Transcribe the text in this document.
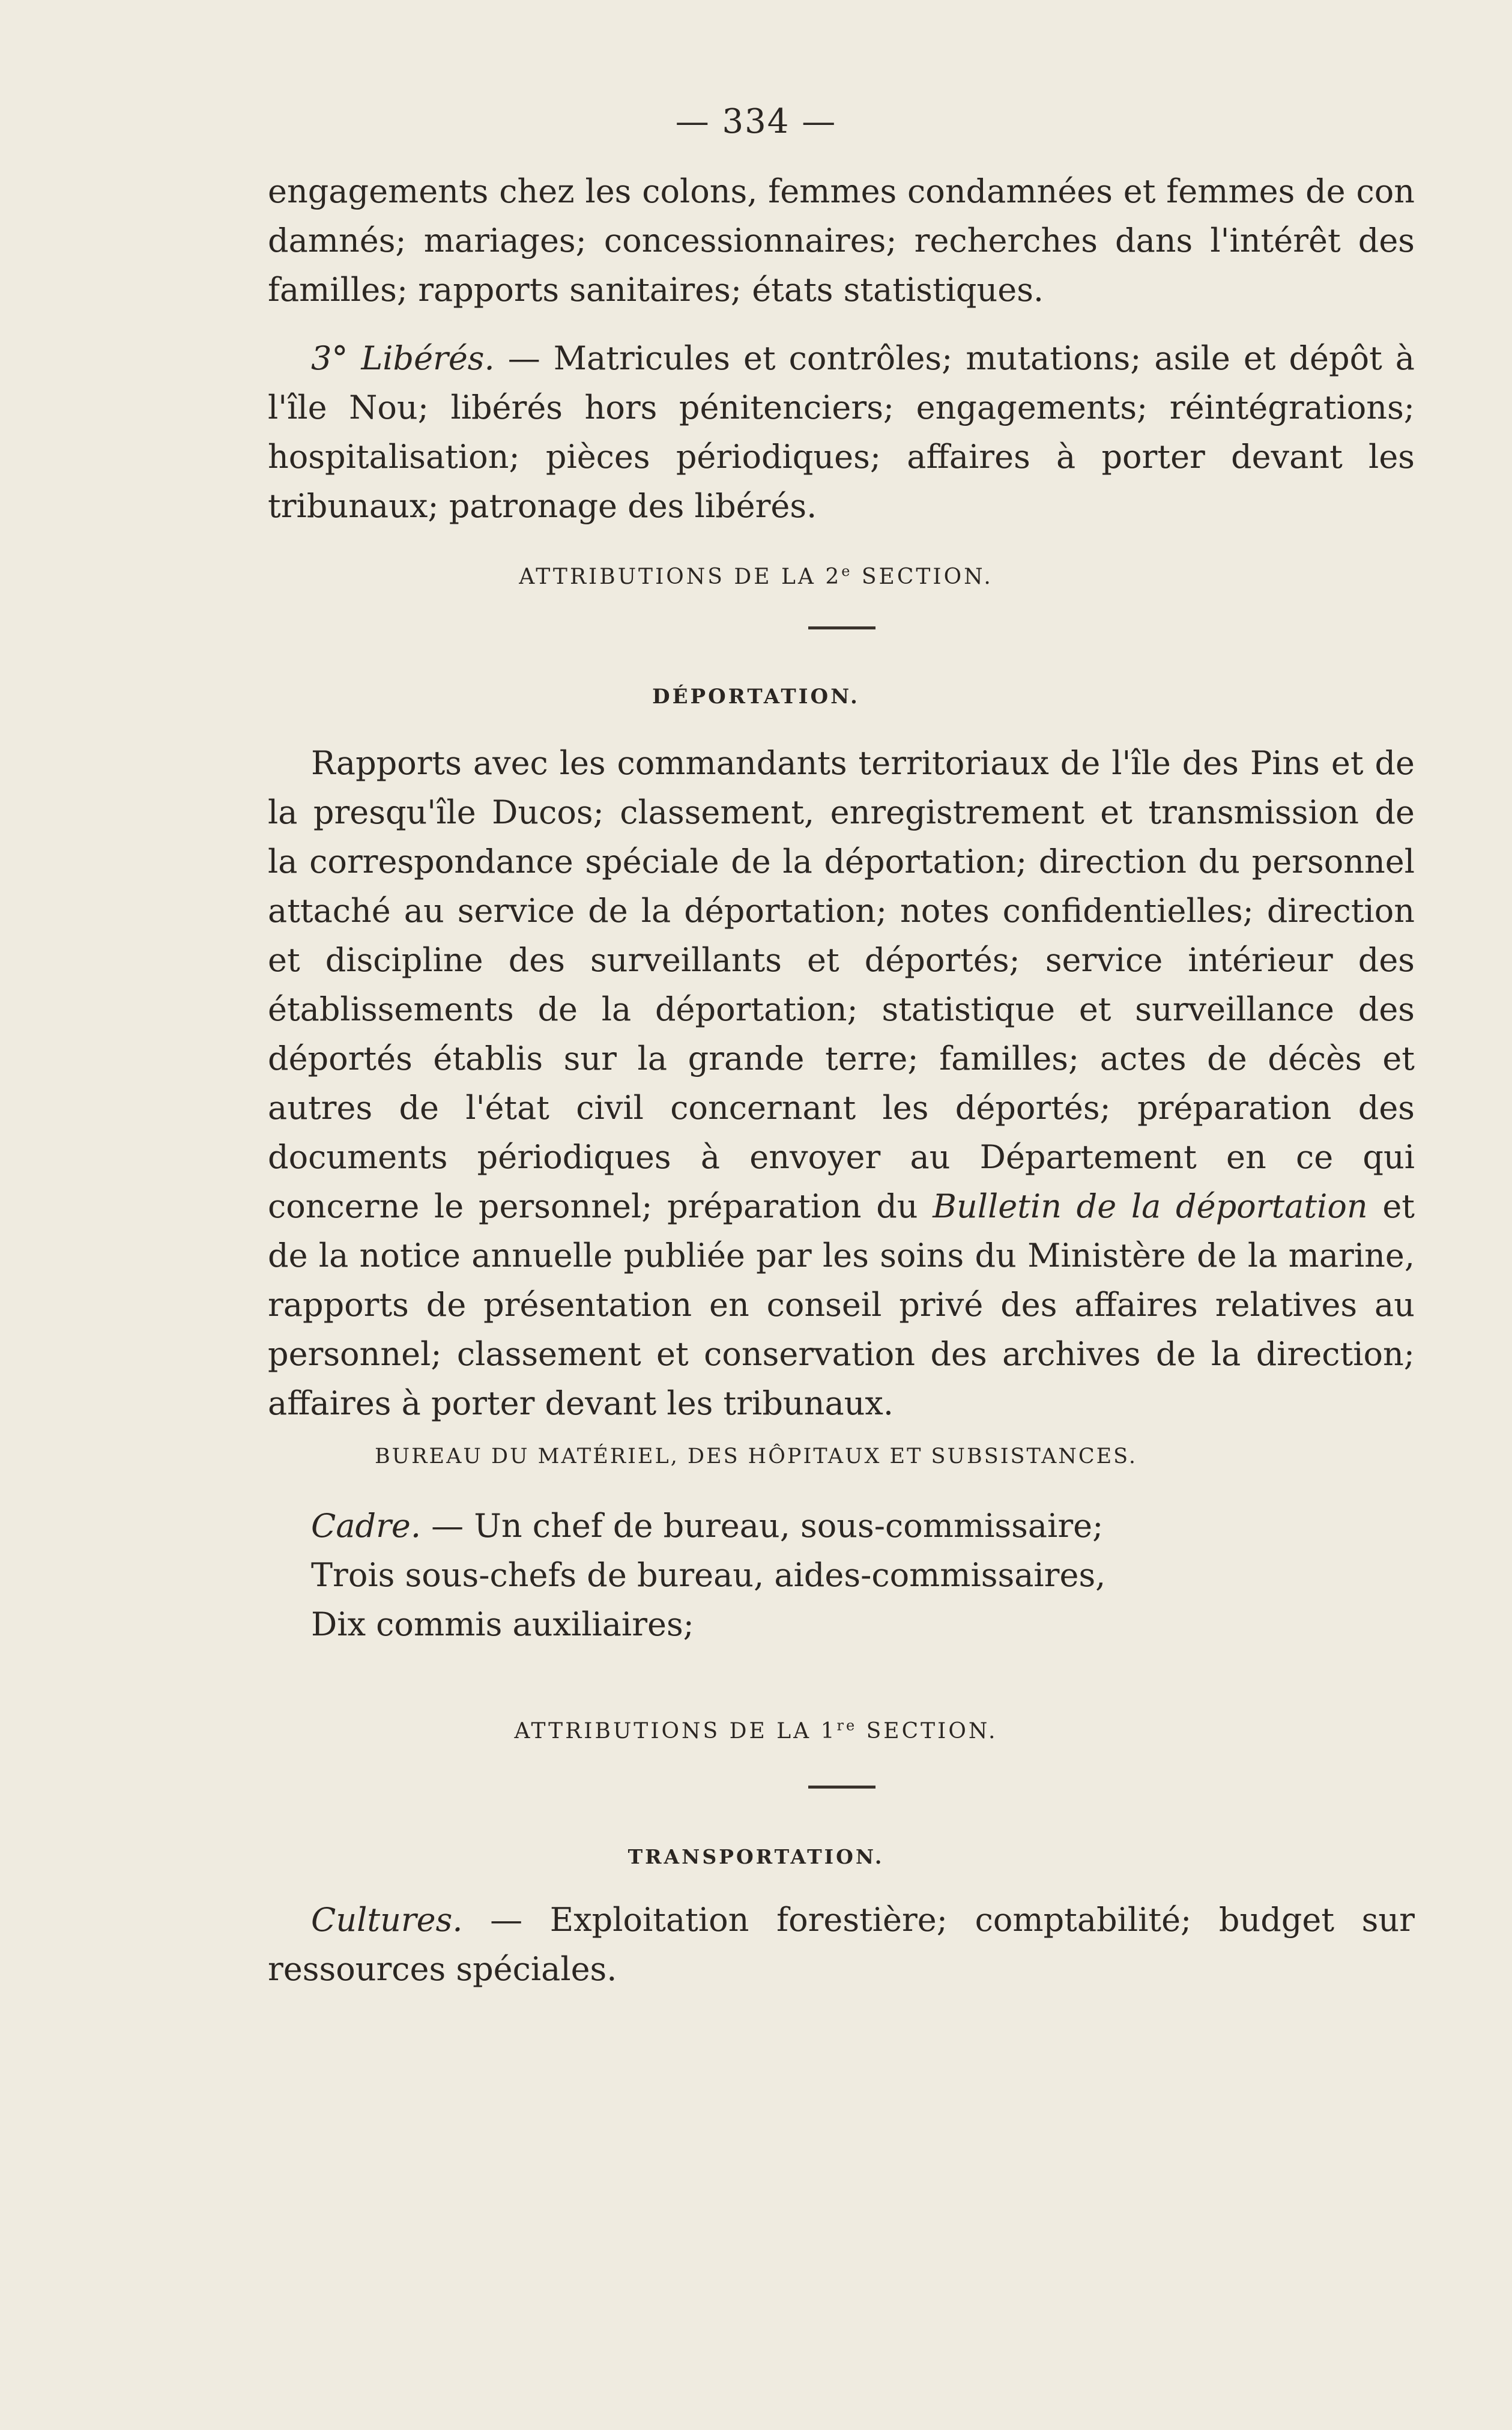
— 334 —

engagements chez les colons, femmes condamnées et femmes de con damnés; mariages; concessionnaires; recherches dans l'intérêt des familles; rapports sanitaires; états statistiques.

3° Libérés. — Matricules et contrôles; mutations; asile et dépôt à l'île Nou; libérés hors pénitenciers; engagements; réintégrations; hospitalisation; pièces périodiques; affaires à porter devant les tribunaux; patronage des libérés.

ATTRIBUTIONS DE LA 2e SECTION.
DÉPORTATION.

Rapports avec les commandants territoriaux de l'île des Pins et de la presqu'île Ducos; classement, enregistrement et transmission de la correspondance spéciale de la déportation; direction du personnel attaché au service de la déportation; notes confidentielles; direction et discipline des surveillants et déportés; service intérieur des établissements de la déportation; statistique et surveillance des déportés établis sur la grande terre; familles; actes de décès et autres de l'état civil concernant les déportés; préparation des documents périodiques à envoyer au Département en ce qui concerne le personnel; préparation du Bulletin de la déportation et de la notice annuelle publiée par les soins du Ministère de la marine, rapports de présentation en conseil privé des affaires relatives au personnel; classement et conservation des archives de la direction; affaires à porter devant les tribunaux.

BUREAU DU MATÉRIEL, DES HÔPITAUX ET SUBSISTANCES.

Cadre. — Un chef de bureau, sous-commissaire;

Trois sous-chefs de bureau, aides-commissaires,

Dix commis auxiliaires;

ATTRIBUTIONS DE LA 1re SECTION.
TRANSPORTATION.

Cultures. — Exploitation forestière; comptabilité; budget sur ressources spéciales.
